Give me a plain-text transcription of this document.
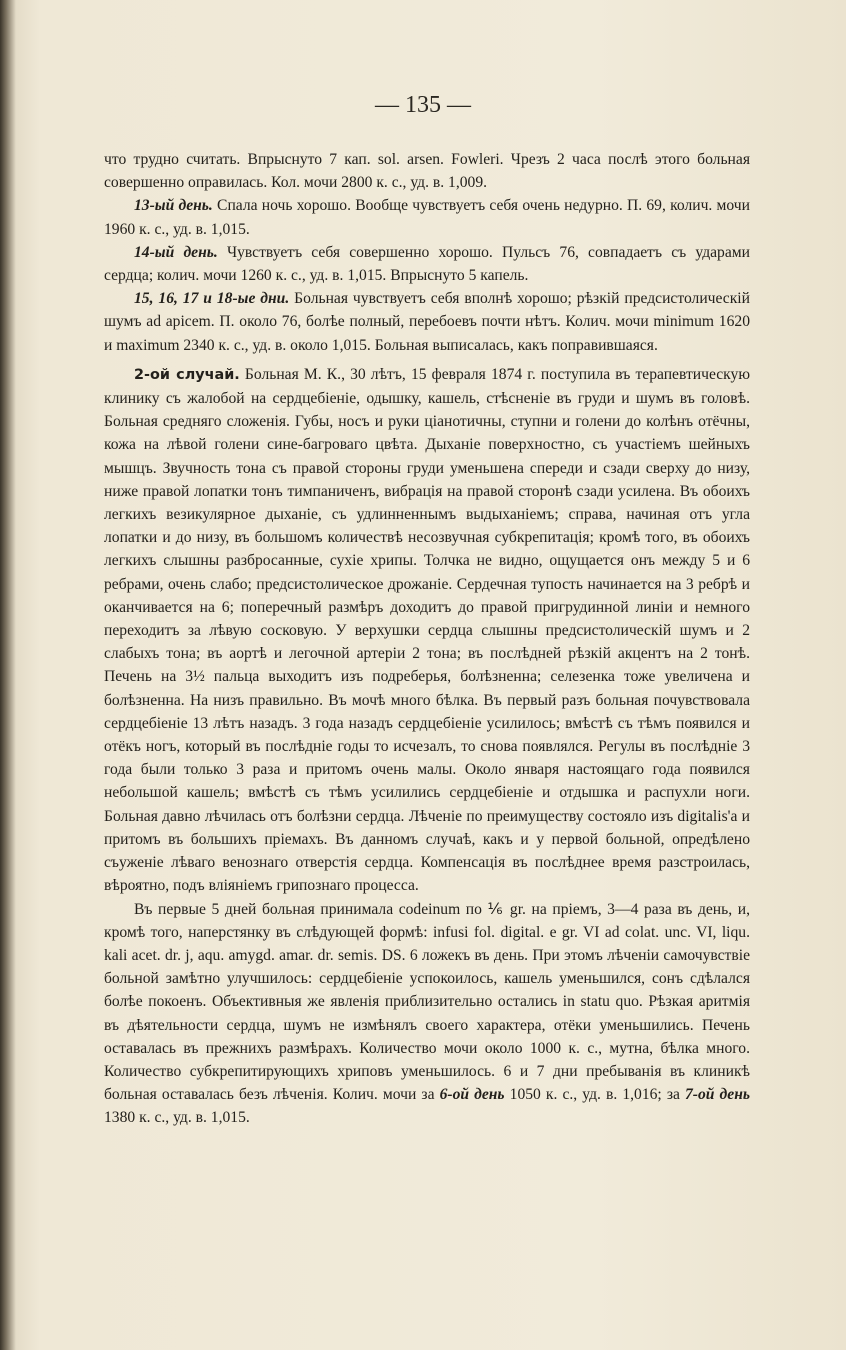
— 135 —

что трудно считать. Впрыснуто 7 кап. sol. arsen. Fowleri. Чрезъ 2 часа послѣ этого больная совершенно оправилась. Кол. мочи 2800 к. с., уд. в. 1,009.

13-ый день. Спала ночь хорошо. Вообще чувствуетъ себя очень недурно. П. 69, колич. мочи 1960 к. с., уд. в. 1,015.

14-ый день. Чувствуетъ себя совершенно хорошо. Пульсъ 76, совпадаетъ съ ударами сердца; колич. мочи 1260 к. с., уд. в. 1,015. Впрыснуто 5 капель.

15, 16, 17 и 18-ые дни. Больная чувствуетъ себя вполнѣ хорошо; рѣзкій предсистолическій шумъ ad apicem. П. около 76, болѣе полный, перебоевъ почти нѣтъ. Колич. мочи minimum 1620 и maximum 2340 к. с., уд. в. около 1,015. Больная выписалась, какъ поправившаяся.

2-ой случай. Больная М. К., 30 лѣтъ, 15 февраля 1874 г. поступила въ терапевтическую клинику съ жалобой на сердцебіеніе, одышку, кашель, стѣсненіе въ груди и шумъ въ головѣ. Больная средняго сложенія. Губы, носъ и руки ціанотичны, ступни и голени до колѣнъ отёчны, кожа на лѣвой голени сине-багроваго цвѣта. Дыханіе поверхностно, съ участіемъ шейныхъ мышцъ. Звучность тона съ правой стороны груди уменьшена спереди и сзади сверху до низу, ниже правой лопатки тонъ тимпаниченъ, вибрація на правой сторонѣ сзади усилена. Въ обоихъ легкихъ везикулярное дыханіе, съ удлинненнымъ выдыханіемъ; справа, начиная отъ угла лопатки и до низу, въ большомъ количествѣ несозвучная субкрепитацiя; кромѣ того, въ обоихъ легкихъ слышны разбросанные, сухіе хрипы. Толчка не видно, ощущается онъ между 5 и 6 ребрами, очень слабо; предсистолическое дрожаніе. Сердечная тупость начинается на 3 ребрѣ и оканчивается на 6; поперечный размѣръ доходитъ до правой пригрудинной линіи и немного переходитъ за лѣвую сосковую. У верхушки сердца слышны предсистолическій шумъ и 2 слабыхъ тона; въ аортѣ и легочной артеріи 2 тона; въ послѣдней рѣзкій акцентъ на 2 тонѣ. Печень на 3½ пальца выходитъ изъ подреберья, болѣзненна; селезенка тоже увеличена и болѣзненна. На низъ правильно. Въ мочѣ много бѣлка. Въ первый разъ больная почувствовала сердцебіеніе 13 лѣтъ назадъ. 3 года назадъ сердцебіеніе усилилось; вмѣстѣ съ тѣмъ появился и отёкъ ногъ, который въ послѣдніе годы то исчезалъ, то снова появлялся. Регулы въ послѣдніе 3 года были только 3 раза и притомъ очень малы. Около января настоящаго года появился небольшой кашель; вмѣстѣ съ тѣмъ усилились сердцебіеніе и отдышка и распухли ноги. Больная давно лѣчилась отъ болѣзни сердца. Лѣченіе по преимуществу состояло изъ digitalis'а и притомъ въ большихъ пріемахъ. Въ данномъ случаѣ, какъ и у первой больной, опредѣлено съуженіе лѣваго венознаго отверстія сердца. Компенсація въ послѣднее время разстроилась, вѣроятно, подъ вліяніемъ грипознаго процесса.

Въ первые 5 дней больная принимала codeinum по ⅙ gr. на пріемъ, 3—4 раза въ день, и, кромѣ того, наперстянку въ слѣдующей формѣ: infusi fol. digital. e gr. VI ad colat. unc. VI, liqu. kali acet. dr. j, aqu. amygd. amar. dr. semis. DS. 6 ложекъ въ день. При этомъ лѣченіи самочувствіе больной замѣтно улучшилось: сердцебіеніе успокоилось, кашель уменьшился, сонъ сдѣлался болѣе покоенъ. Объективныя же явленія приблизительно остались in statu quo. Рѣзкая аритмія въ дѣятельности сердца, шумъ не измѣнялъ своего характера, отёки уменьшились. Печень оставалась въ прежнихъ размѣрахъ. Количество мочи около 1000 к. с., мутна, бѣлка много. Количество субкрепитирующихъ хриповъ уменьшилось. 6 и 7 дни пребыванія въ клиникѣ больная оставалась безъ лѣченія. Колич. мочи за 6-ой день 1050 к. с., уд. в. 1,016; за 7-ой день 1380 к. с., уд. в. 1,015.
